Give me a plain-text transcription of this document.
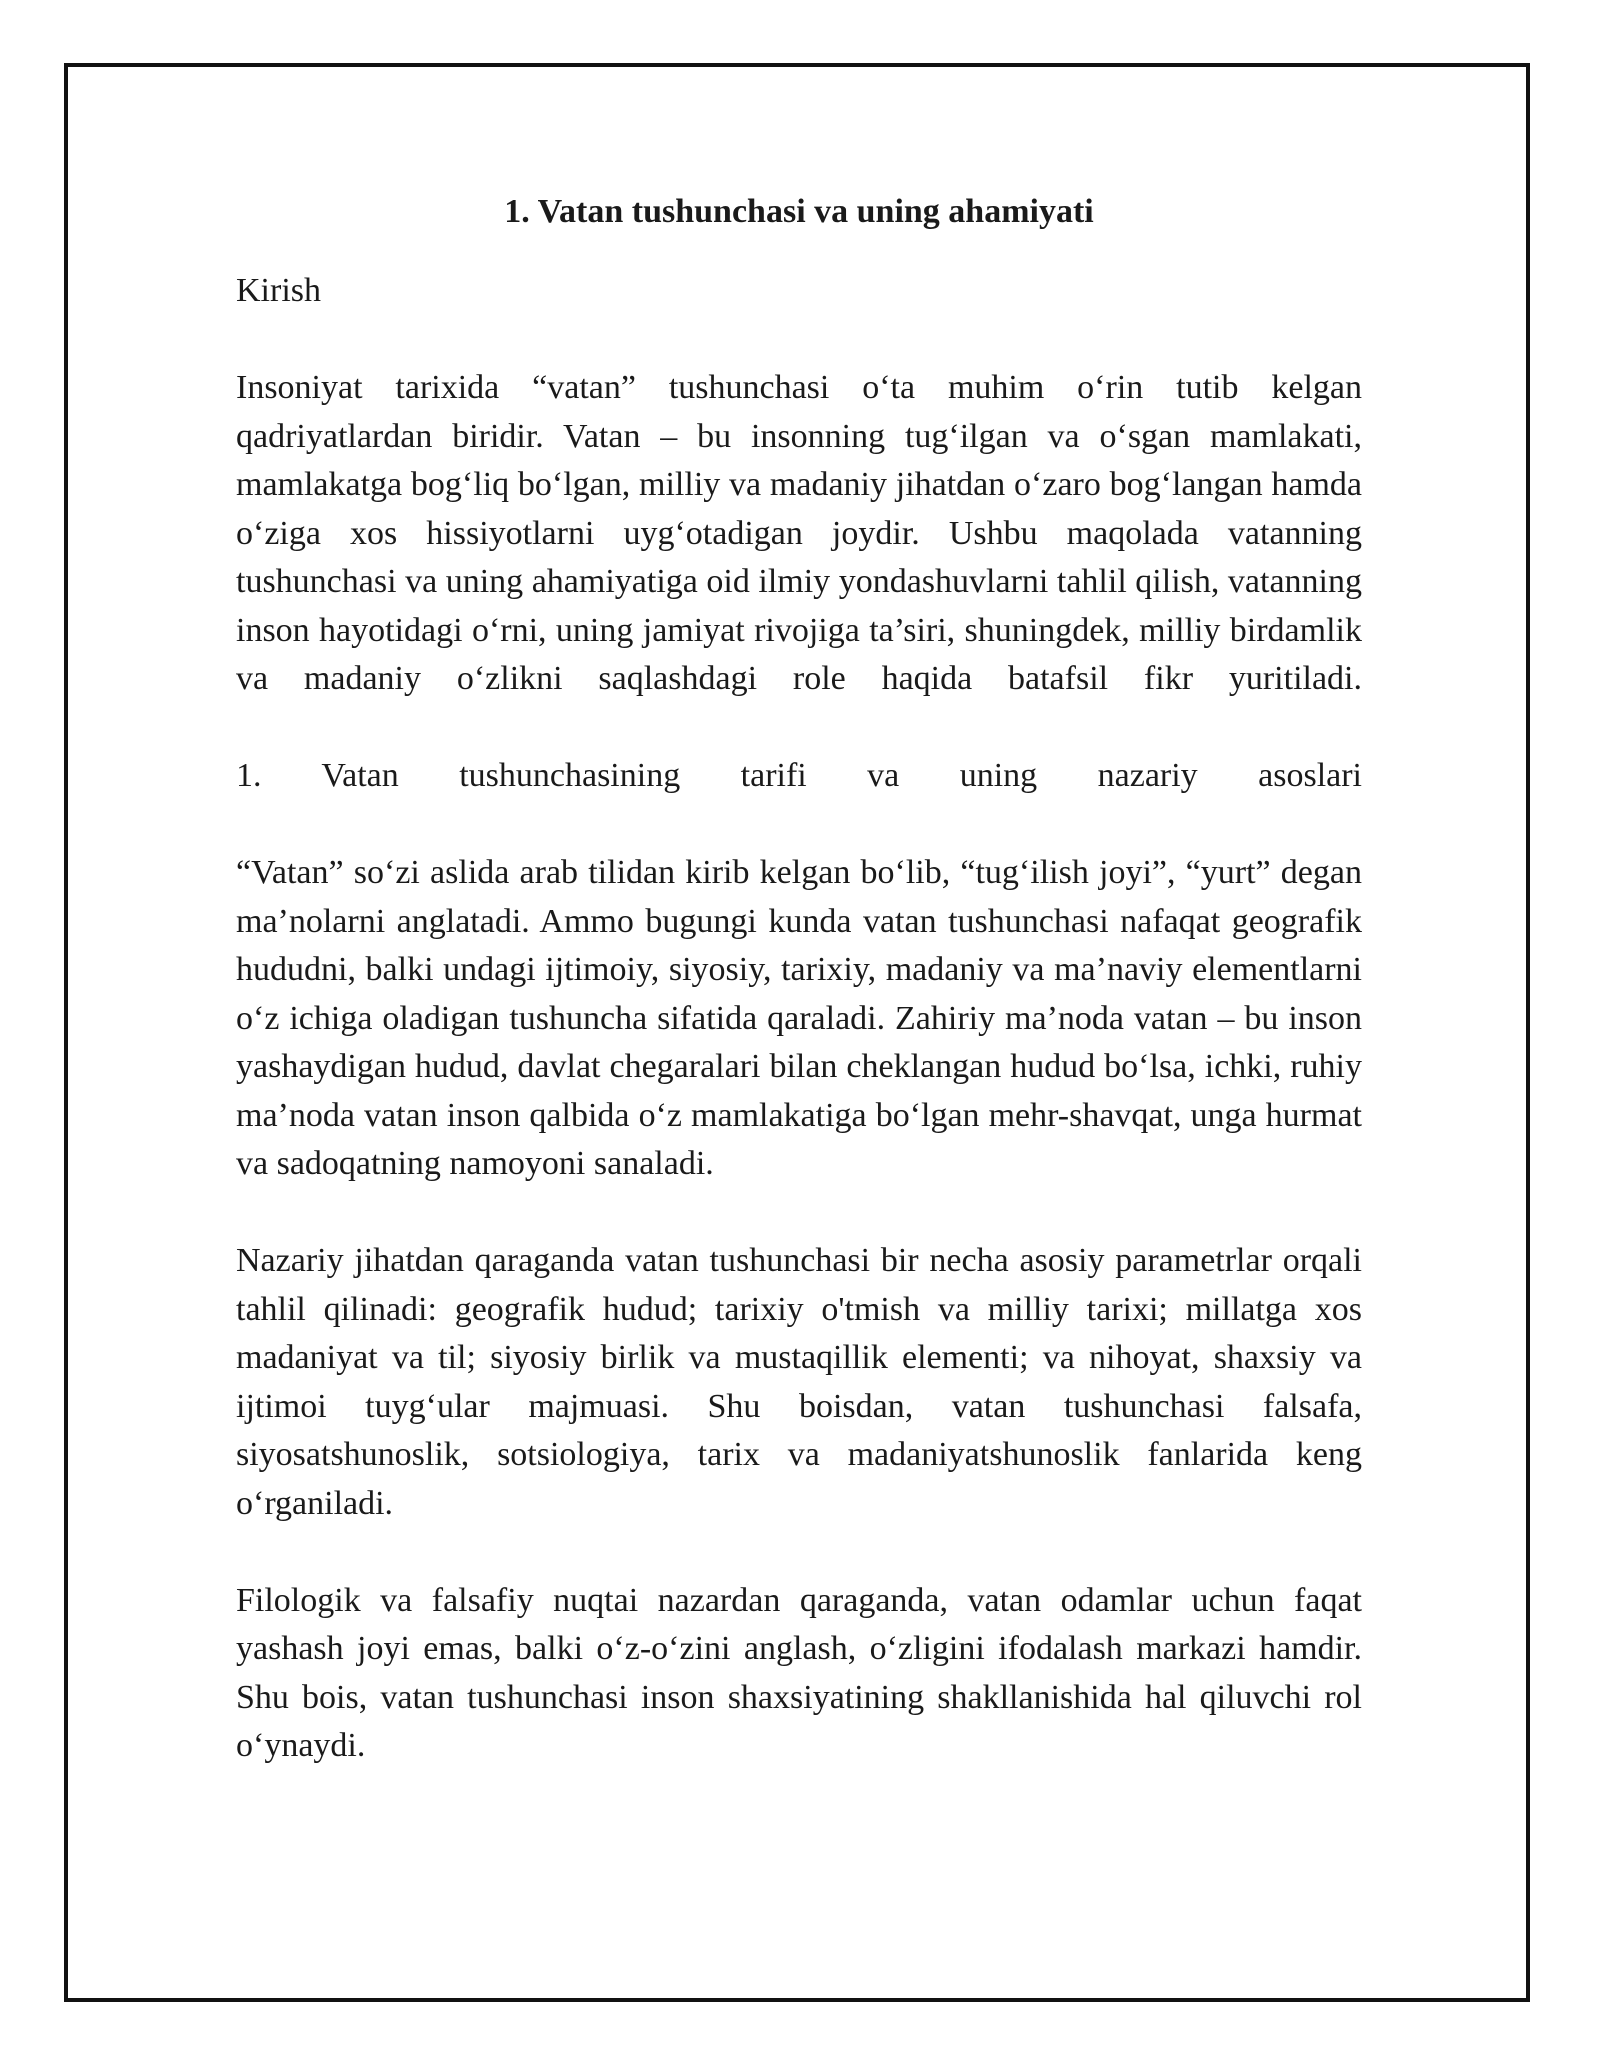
1. Vatan tushunchasi va uning ahamiyati

Kirish

Insoniyat tarixida “vatan” tushunchasi o‘ta muhim o‘rin tutib kelgan qadriyatlardan biridir. Vatan – bu insonning tug‘ilgan va o‘sgan mamlakati, mamlakatga bog‘liq bo‘lgan, milliy va madaniy jihatdan o‘zaro bog‘langan hamda o‘ziga xos hissiyotlarni uyg‘otadigan joydir. Ushbu maqolada vatanning tushunchasi va uning ahamiyatiga oid ilmiy yondashuvlarni tahlil qilish, vatanning inson hayotidagi o‘rni, uning jamiyat rivojiga ta’siri, shuningdek, milliy birdamlik va madaniy o‘zlikni saqlashdagi role haqida batafsil fikr yuritiladi.

1. Vatan tushunchasining tarifi va uning nazariy asoslari

“Vatan” so‘zi aslida arab tilidan kirib kelgan bo‘lib, “tug‘ilish joyi”, “yurt” degan ma’nolarni anglatadi. Ammo bugungi kunda vatan tushunchasi nafaqat geografik hududni, balki undagi ijtimoiy, siyosiy, tarixiy, madaniy va ma’naviy elementlarni o‘z ichiga oladigan tushuncha sifatida qaraladi. Zahiriy ma’noda vatan – bu inson yashaydigan hudud, davlat chegaralari bilan cheklangan hudud bo‘lsa, ichki, ruhiy ma’noda vatan inson qalbida o‘z mamlakatiga bo‘lgan mehr-shavqat, unga hurmat va sadoqatning namoyoni sanaladi.

Nazariy jihatdan qaraganda vatan tushunchasi bir necha asosiy parametrlar orqali tahlil qilinadi: geografik hudud; tarixiy o'tmish va milliy tarixi; millatga xos madaniyat va til; siyosiy birlik va mustaqillik elementi; va nihoyat, shaxsiy va ijtimoi tuyg‘ular majmuasi. Shu boisdan, vatan tushunchasi falsafa, siyosatshunoslik, sotsiologiya, tarix va madaniyatshunoslik fanlarida keng o‘rganiladi.

Filologik va falsafiy nuqtai nazardan qaraganda, vatan odamlar uchun faqat yashash joyi emas, balki o‘z-o‘zini anglash, o‘zligini ifodalash markazi hamdir. Shu bois, vatan tushunchasi inson shaxsiyatining shakllanishida hal qiluvchi rol o‘ynaydi.
